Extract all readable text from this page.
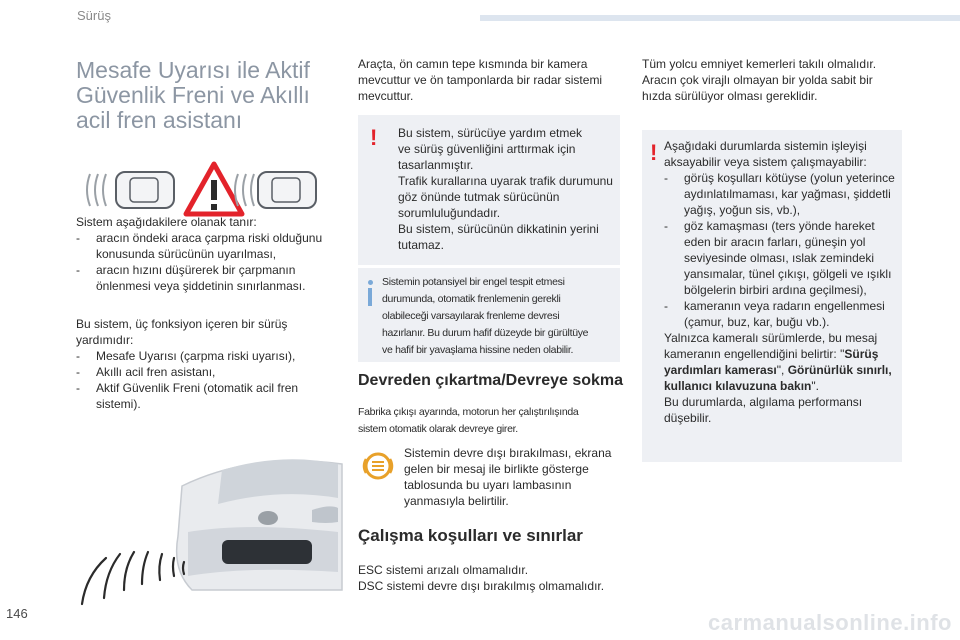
Sürüş
146
Mesafe Uyarısı ile Aktif Güvenlik Freni ve Akıllı acil fren asistanı
Sistem aşağıdakilere olanak tanır:
- aracın öndeki araca çarpma riski olduğunu konusunda sürücünün uyarılması,
- aracın hızını düşürerek bir çarpmanın önlenmesi veya şiddetinin sınırlanması.
Bu sistem, üç fonksiyon içeren bir sürüş yardımıdır:
- Mesafe Uyarısı (çarpma riski uyarısı),
- Akıllı acil fren asistanı,
- Aktif Güvenlik Freni (otomatik acil fren sistemi).
Araçta, ön camın tepe kısmında bir kamera mevcuttur ve ön tamponlarda bir radar sistemi mevcuttur.
! Bu sistem, sürücüye yardım etmek
ve sürüş güvenliğini arttırmak için
tasarlanmıştır.
Trafik kurallarına uyarak trafik durumunu
göz önünde tutmak sürücünün
sorumluluğundadır.
Bu sistem, sürücünün dikkatinin yerini
tutamaz.
Sistemin potansiyel bir engel tespit etmesi
durumunda, otomatik frenlemenin gerekli
olabileceği varsayılarak frenleme devresi
hazırlanır. Bu durum hafif düzeyde bir gürültüye
ve hafif bir yavaşlama hissine neden olabilir.
Devreden çıkartma/Devreye sokma
Fabrika çıkışı ayarında, motorun her çalıştırılışında
sistem otomatik olarak devreye girer.
Sistemin devre dışı bırakılması, ekrana
gelen bir mesaj ile birlikte gösterge
tablosunda bu uyarı lambasının
yanmasıyla belirtilir.
Çalışma koşulları ve sınırlar
ESC sistemi arızalı olmamalıdır.
DSC sistemi devre dışı bırakılmış olmamalıdır.
Tüm yolcu emniyet kemerleri takılı olmalıdır.
Aracın çok virajlı olmayan bir yolda sabit bir
hızda sürülüyor olması gereklidir.
! Aşağıdaki durumlarda sistemin işleyişi aksayabilir veya sistem çalışmayabilir:
- görüş koşulları kötüyse (yolun yeterince aydınlatılmaması, kar yağması, şiddetli yağış, yoğun sis, vb.),
- göz kamaşması (ters yönde hareket eden bir aracın farları, güneşin yol seviyesinde olması, ıslak zemindeki yansımalar, tünel çıkışı, gölgeli ve ışıklı bölgelerin birbiri ardına geçilmesi),
- kameranın veya radarın engellenmesi (çamur, buz, kar, buğu vb.).
Yalnızca kameralı sürümlerde, bu mesaj kameranın engellendiğini belirtir: "Sürüş yardımları kamerası", Görünürlük sınırlı, kullanıcı kılavuzuna bakın".
Bu durumlarda, algılama performansı düşebilir.
carmanualsonline.info
